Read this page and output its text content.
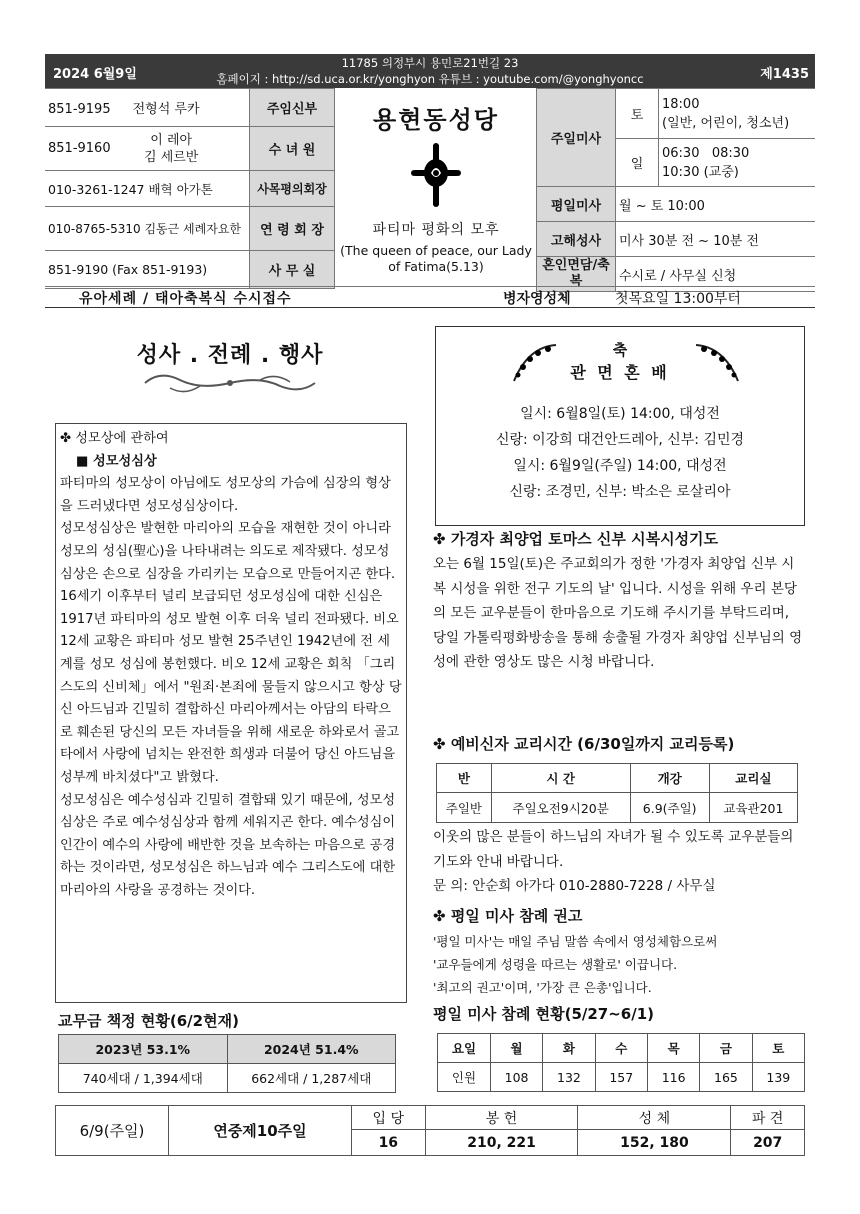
2024 6월9일
11785 의정부시 용민로21번길 23
홈페이지 : http://sd.uca.or.kr/yonghyon 유튜브 : youtube.com/@yonghyoncc	제1435
851-9195 전형석 루카	주임신부
851-9160이 레아
김 세르반	수 녀 원
010-3261-1247 배혁 아가톤	사목평의회장
010-8765-5310 김동근 세례자요한	연 령 회 장
851-9190 (Fax 851-9193)	사 무 실
용현동성당
파티마 평화의 모후
(The queen of peace, our Lady of Fatima(5.13)
주일미사	토	18:00
(일반, 어린이, 청소년)

	일	06:30   08:30
10:30 (교중)

평일미사	월 ~ 토 10:00	
고해성사	미사 30분 전 ~ 10분 전	
혼인면담/축복	수시로 / 사무실 신청	
유아세례 / 태아축복식 수시접수	병자영성체	첫목요일 13:00부터
성사 . 전례 . 행사

✤ 성모상에 관하여

■ 성모성심상

파티마의 성모상이 아님에도 성모상의 가슴에 심장의 형상을 드러냈다면 성모성심상이다.

성모성심상은 발현한 마리아의 모습을 재현한 것이 아니라 성모의 성심(聖心)을 나타내려는 의도로 제작됐다. 성모성심상은 손으로 심장을 가리키는 모습으로 만들어지곤 한다.

16세기 이후부터 널리 보급되던 성모성심에 대한 신심은 1917년 파티마의 성모 발현 이후 더욱 널리 전파됐다. 비오 12세 교황은 파티마 성모 발현 25주년인 1942년에 전 세계를 성모 성심에 봉헌했다. 비오 12세 교황은 회칙 「그리스도의 신비체」에서 "원죄·본죄에 물들지 않으시고 항상 당신 아드님과 긴밀히 결합하신 마리아께서는 아담의 타락으로 훼손된 당신의 모든 자녀들을 위해 새로운 하와로서 골고타에서 사랑에 넘치는 완전한 희생과 더불어 당신 아드님을 성부께 바치셨다"고 밝혔다.

성모성심은 예수성심과 긴밀히 결합돼 있기 때문에, 성모성심상은 주로 예수성심상과 함께 세워지곤 한다. 예수성심이 인간이 예수의 사랑에 배반한 것을 보속하는 마음으로 공경하는 것이라면, 성모성심은 하느님과 예수 그리스도에 대한 마리아의 사랑을 공경하는 것이다.

교무금 책정 현황(6/2현재)
2023년 53.1%	2024년 51.4%
740세대 / 1,394세대	662세대 / 1,287세대
축
관 면 혼 배
일시: 6월8일(토) 14:00, 대성전
신랑: 이강희 대건안드레아, 신부: 김민경
일시: 6월9일(주일) 14:00, 대성전
신랑: 조경민, 신부: 박소은 로살리아
✤ 가경자 최양업 토마스 신부 시복시성기도
오는 6월 15일(토)은 주교회의가 정한 '가경자 최양업 신부 시복 시성을 위한 전구 기도의 날' 입니다. 시성을 위해 우리 본당의 모든 교우분들이 한마음으로 기도해 주시기를 부탁드리며, 당일 가톨릭평화방송을 통해 송출될 가경자 최양업 신부님의 영성에 관한 영상도 많은 시청 바랍니다.
✤ 예비신자 교리시간 (6/30일까지 교리등록)
반	시 간	개강	교리실
주일반	주일오전9시20분	6.9(주일)	교육관201
이웃의 많은 분들이 하느님의 자녀가 될 수 있도록 교우분들의 기도와 안내 바랍니다.
문 의: 안순희 아가다 010-2880-7228 / 사무실
✤ 평일 미사 참례 권고
'평일 미사'는 매일 주님 말씀 속에서 영성체함으로써
'교우들에게 성령을 따르는 생활로' 이끕니다.
'최고의 권고'이며, '가장 큰 은총'입니다.
평일 미사 참례 현황(5/27~6/1)
요일	월	화	수	목	금	토
인원	108	132	157	116	165	139
6/9(주일)	연중제10주일	입 당	봉 헌	성 체	파 견
		16	210, 221	152, 180	207
